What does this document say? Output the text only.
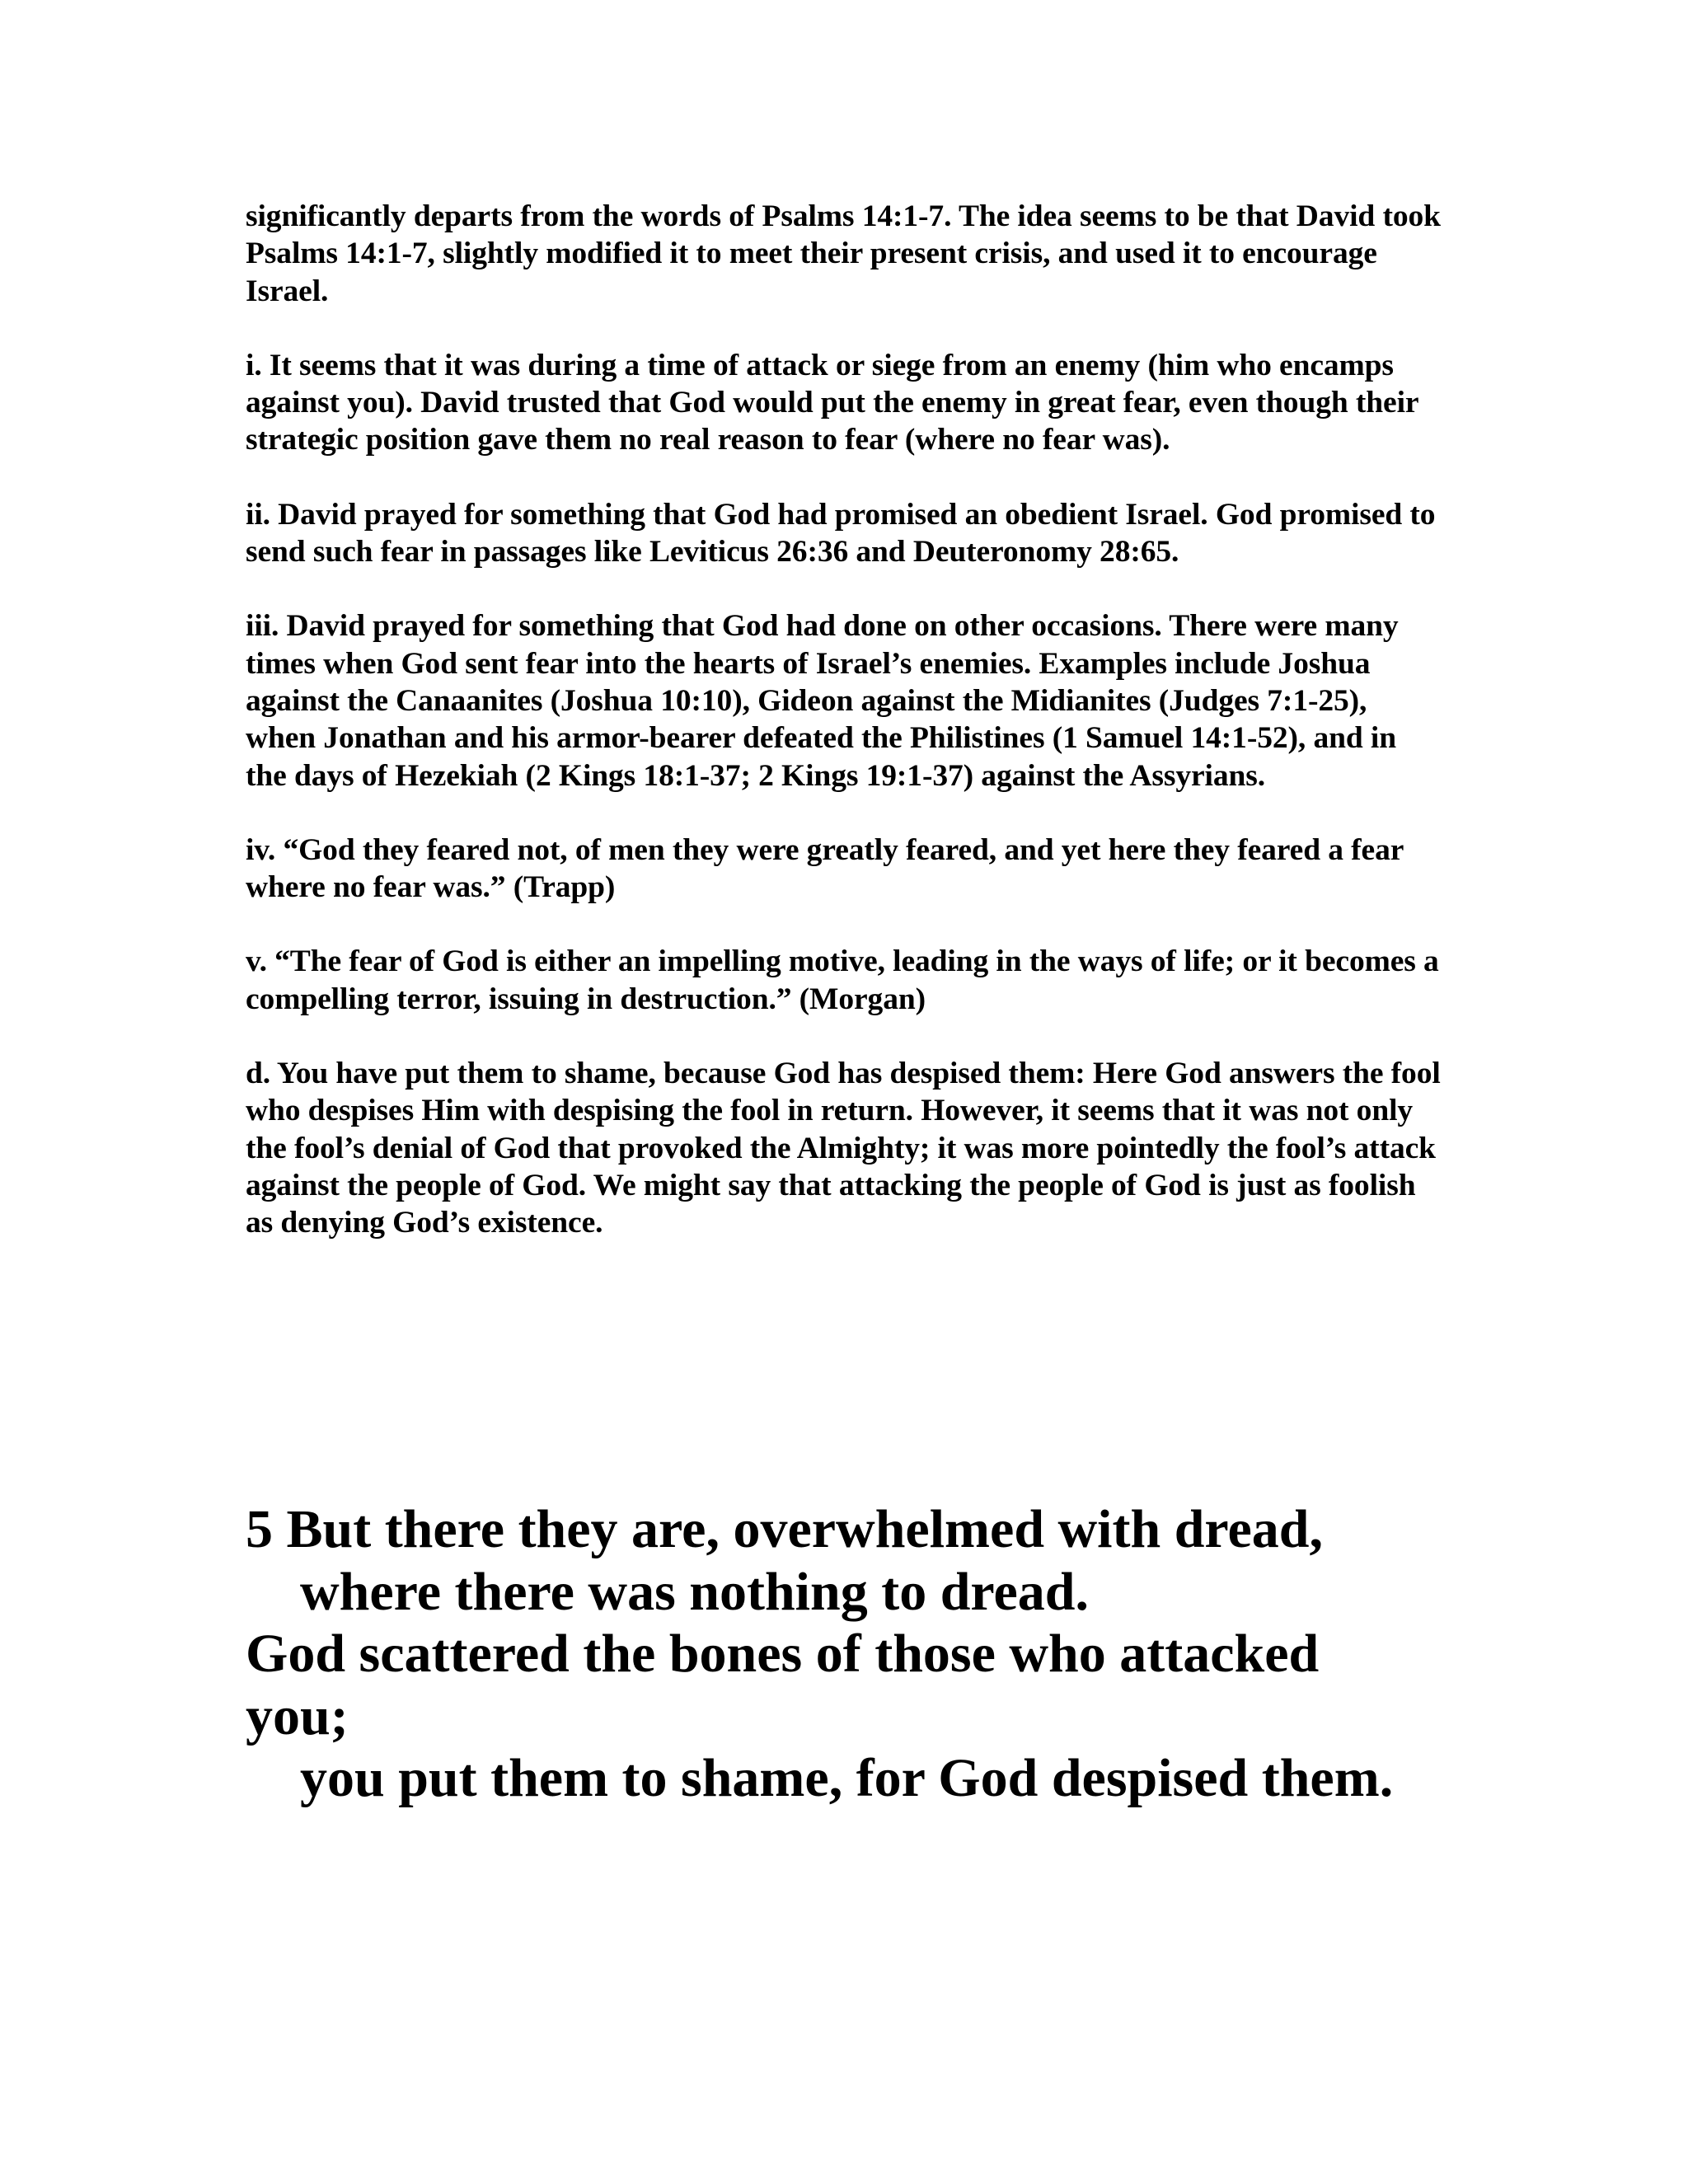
significantly departs from the words of Psalms 14:1-7. The idea seems to be that David took Psalms 14:1-7, slightly modified it to meet their present crisis, and used it to encourage Israel.

i. It seems that it was during a time of attack or siege from an enemy (him who encamps against you). David trusted that God would put the enemy in great fear, even though their strategic position gave them no real reason to fear (where no fear was).

ii. David prayed for something that God had promised an obedient Israel. God promised to send such fear in passages like Leviticus 26:36 and Deuteronomy 28:65.

iii. David prayed for something that God had done on other occasions. There were many times when God sent fear into the hearts of Israel’s enemies. Examples include Joshua against the Canaanites (Joshua 10:10), Gideon against the Midianites (Judges 7:1-25), when Jonathan and his armor-bearer defeated the Philistines (1 Samuel 14:1-52), and in the days of Hezekiah (2 Kings 18:1-37; 2 Kings 19:1-37) against the Assyrians.

iv. “God they feared not, of men they were greatly feared, and yet here they feared a fear where no fear was.” (Trapp)

v. “The fear of God is either an impelling motive, leading in the ways of life; or it becomes a compelling terror, issuing in destruction.” (Morgan)

d. You have put them to shame, because God has despised them: Here God answers the fool who despises Him with despising the fool in return. However, it seems that it was not only the fool’s denial of God that provoked the Almighty; it was more pointedly the fool’s attack against the people of God. We might say that attacking the people of God is just as foolish as denying God’s existence.

5 But there they are, overwhelmed with dread,
where there was nothing to dread.
God scattered the bones of those who attacked
you;
you put them to shame, for God despised them.
